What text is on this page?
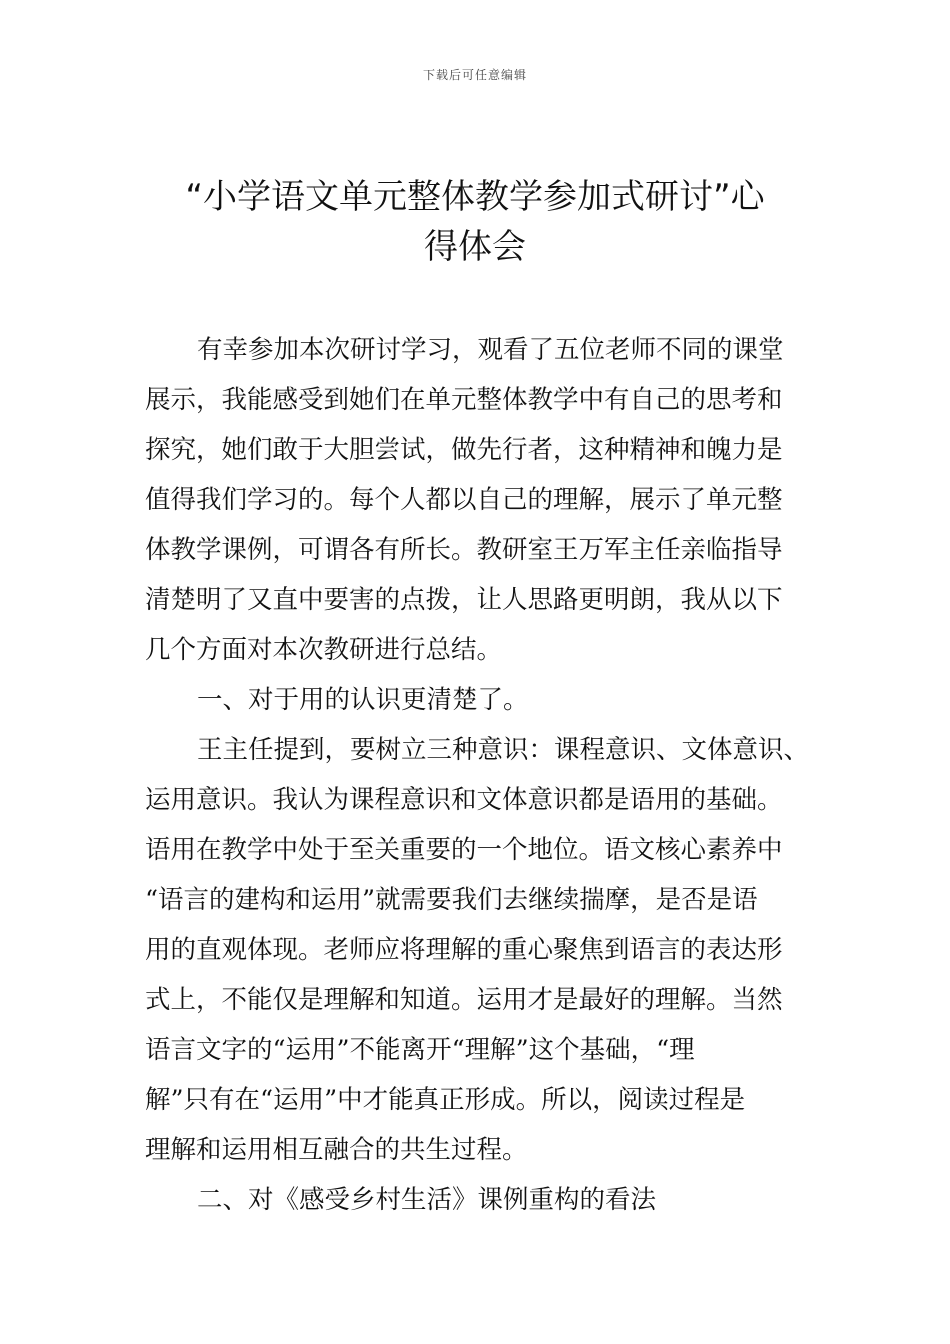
下载后可任意编辑
“小学语文单元整体教学参加式研讨”心
得体会
有幸参加本次研讨学习，观看了五位老师不同的课堂
展示，我能感受到她们在单元整体教学中有自己的思考和
探究，她们敢于大胆尝试，做先行者，这种精神和魄力是
值得我们学习的。每个人都以自己的理解，展示了单元整
体教学课例，可谓各有所长。教研室王万军主任亲临指导
清楚明了又直中要害的点拨，让人思路更明朗，我从以下
几个方面对本次教研进行总结。
一、对于用的认识更清楚了。
王主任提到，要树立三种意识：课程意识、文体意识、
运用意识。我认为课程意识和文体意识都是语用的基础。
语用在教学中处于至关重要的一个地位。语文核心素养中
“语言的建构和运用”就需要我们去继续揣摩，是否是语
用的直观体现。老师应将理解的重心聚焦到语言的表达形
式上，不能仅是理解和知道。运用才是最好的理解。当然
语言文字的“运用”不能离开“理解”这个基础，“理
解”只有在“运用”中才能真正形成。所以，阅读过程是
理解和运用相互融合的共生过程。
二、对《感受乡村生活》课例重构的看法
